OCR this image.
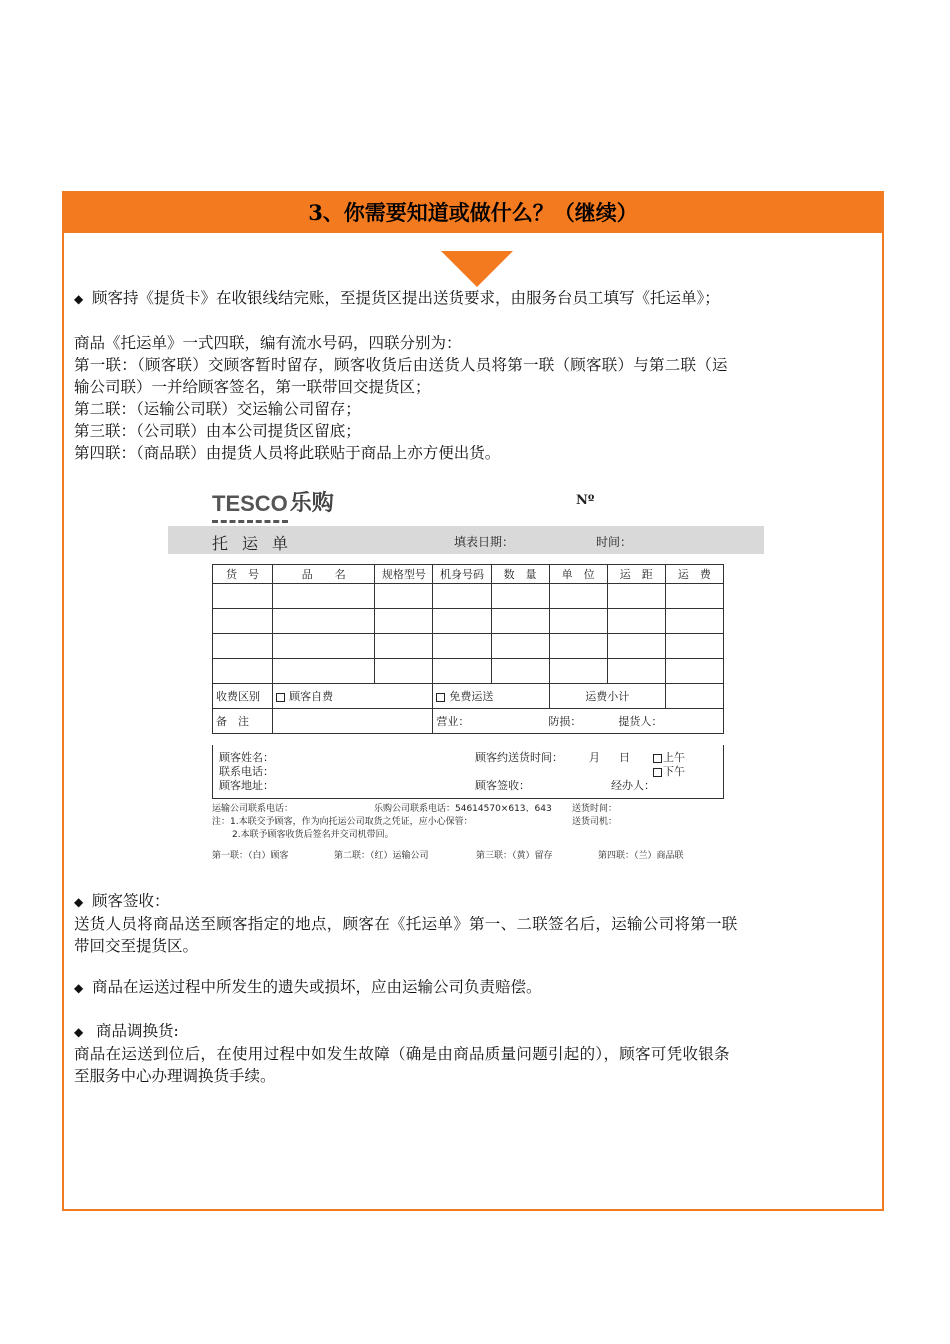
3、你需要知道或做什么？（继续）

◆ 顾客持《提货卡》在收银线结完账，至提货区提出送货要求，由服务台员工填写《托运单》；

商品《托运单》一式四联，编有流水号码，四联分别为：

第一联：（顾客联）交顾客暂时留存，顾客收货后由送货人员将第一联（顾客联）与第二联（运

输公司联）一并给顾客签名，第一联带回交提货区；

第二联：（运输公司联）交运输公司留存；

第三联：（公司联）由本公司提货区留底；

第四联：（商品联）由提货人员将此联贴于商品上亦方便出货。

TESCO 乐购	Nº
托运单	填表日期：	时间：
货　号	品　　名	规格型号	机身号码	数　量	单　位	运　距	运　费

收费区别	顾客自费		免费运送		运费小计		
备　注			营业： 防损： 提货人：				
顾客姓名：
联系电话：
顾客地址：
顾客约送货时间： 月 日	上午
下午
顾客签收：	经办人：
运输公司联系电话：	乐购公司联系电话：54614570×613、643 送货时间：
注：1.本联交予顾客，作为向托运公司取货之凭证，应小心保管：	送货司机：
2.本联予顾客收货后签名并交司机带回。
第一联：（白）顾客	第二联：（红）运输公司	第三联：（黄）留存	第四联：（兰）商品联

◆ 顾客签收：

送货人员将商品送至顾客指定的地点，顾客在《托运单》第一、二联签名后，运输公司将第一联

带回交至提货区。

◆ 商品在运送过程中所发生的遗失或损坏，应由运输公司负责赔偿。

◆ 商品调换货:

商品在运送到位后，在使用过程中如发生故障（确是由商品质量问题引起的），顾客可凭收银条

至服务中心办理调换货手续。
